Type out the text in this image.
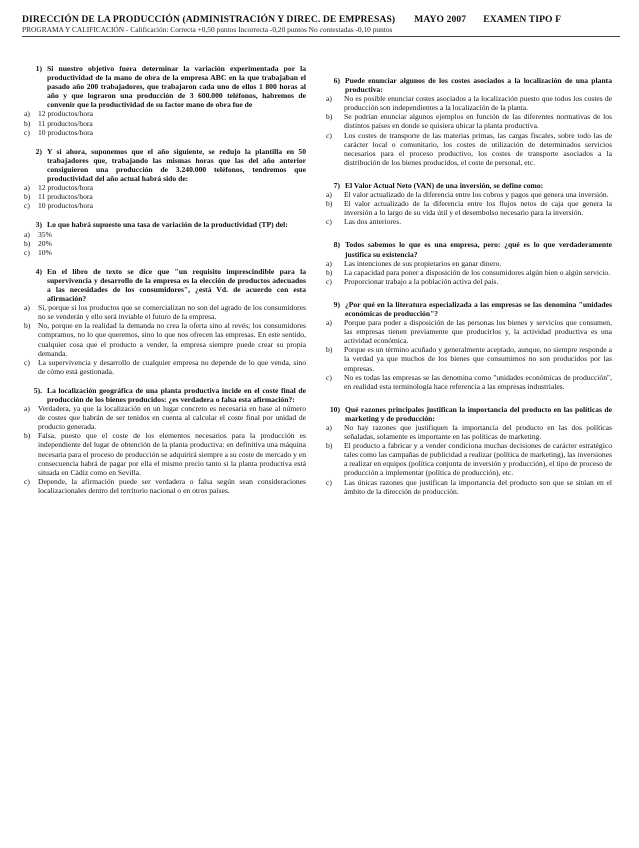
DIRECCIÓN DE LA PRODUCCIÓN (ADMINISTRACIÓN Y DIREC. DE EMPRESAS) MAYO 2007 EXAMEN TIPO F
PROGRAMA Y CALIFICACIÓN - Calificación: Correcta +0,50 puntos Incorrecta -0,20 puntos No contestadas -0,10 puntos
1) Si nuestro objetivo fuera determinar la variación experimentada por la productividad de la mano de obra de la empresa ABC en la que trabajaban el pasado año 200 trabajadores, que trabajaron cada uno de ellos 1 800 horas al año y que lograron una producción de 3 600.000 teléfonos, habremos de convenir que la productividad de su factor mano de obra fue de
a)	12 productos/hora
b)	11 productos/hora
c)	10 productos/hora
2) Y si ahora, suponemos que el año siguiente, se redujo la plantilla en 50 trabajadores que, trabajando las mismas horas que las del año anterior consiguieron una producción de 3.240.000 teléfonos, tendremos que productividad del año actual habrá sido de:
a)	12 productos/hora
b)	11 productos/hora
c)	10 productos/hora
3) Lo que habrá supuesto una tasa de variación de la productividad (TP) del:
a)	35%
b)	20%
c)	10%
4) En el libro de texto se dice que "un requisito imprescindible para la supervivencia y desarrollo de la empresa es la elección de productos adecuados a las necesidades de los consumidores", ¿está Vd. de acuerdo con esta afirmación?
a)	Sí, porque si los productos que se comercializan no son del agrado de los consumidores no se venderán y ello será inviable el futuro de la empresa.
b)	No, porque en la realidad la demanda no crea la oferta sino al revés; los consumidores compramos, no lo que queremos, sino lo que nos ofrecen las empresas. En este sentido, cualquier cosa que el producto a vender, la empresa siempre puede crear su propia demanda.
c)	La supervivencia y desarrollo de cualquier empresa no depende de lo que venda, sino de cómo está gestionada.
5). La localización geográfica de una planta productiva incide en el coste final de producción de los bienes producidos: ¿es verdadera o falsa esta afirmación?:
a)	Verdadera, ya que la localización en un lugar concreto es necesaria en base al número de costes que habrán de ser tenidos en cuenta al calcular el coste final por unidad de producto generada.
b)	Falsa, puesto que el coste de los elementos necesarios para la producción es independiente del lugar de obtención de la planta productiva: en definitiva una máquina necesaria para el proceso de producción se adquirirá siempre a su coste de mercado y en consecuencia habrá de pagar por ella el mismo precio tanto si la planta productiva está situada en Cádiz como en Sevilla.
c)	Depende, la afirmación puede ser verdadera o falsa según sean consideraciones localizacionales dentro del territorio nacional o en otros países.
6) Puede enunciar algunos de los costes asociados a la localización de una planta productiva:
a)	No es posible enunciar costes asociados a la localización puesto que todos los costes de producción son independientes a la localización de la planta.
b)	Se podrían enunciar algunos ejemplos en función de las diferentes normativas de los distintos países en donde se quisiera ubicar la planta productiva.
c)	Los costes de transporte de las materias primas, las cargas fiscales, sobre todo las de carácter local o comunitario, los costes de utilización de determinados servicios necesarios para el proceso productivo, los costes de transporte asociados a la distribución de los bienes producidos, el coste de personal, etc.
7) El Valor Actual Neto (VAN) de una inversión, se define como:
a)	El valor actualizado de la diferencia entre los cobros y pagos que genera una inversión.
b)	El valor actualizado de la diferencia entre los flujos netos de caja que genera la inversión a lo largo de su vida útil y el desembolso necesario para la inversión.
c)	Las dos anteriores.
8) Todos sabemos lo que es una empresa, pero: ¿qué es lo que verdaderamente justifica su existencia?
a)	Las intenciones de sus propietarios en ganar dinero.
b)	La capacidad para poner a disposición de los consumidores algún bien o algún servicio.
c)	Proporcionar trabajo a la población activa del país.
9) ¿Por qué en la literatura especializada a las empresas se las denomina "unidades económicas de producción"?
a)	Porque para poder a disposición de las personas los bienes y servicios que consumen, las empresas tienen previamente que producirlos y, la actividad productiva es una actividad económica.
b)	Porque es un término acuñado y generalmente aceptado, aunque, no siempre responde a la verdad ya que muchos de los bienes que consumimos no son producidos por las empresas.
c)	No es todas las empresas se las denomina como "unidades económicas de producción", en realidad esta terminología hace referencia a las empresas industriales.
10) Qué razones principales justifican la importancia del producto en las políticas de marketing y de producción:
a)	No hay razones que justifiquen la importancia del producto en las dos políticas señaladas, solamente es importante en las políticas de marketing.
b)	El producto a fabricar y a vender condiciona muchas decisiones de carácter estratégico tales como las campañas de publicidad a realizar (política de marketing), las inversiones a realizar en equipos (política conjunta de inversión y producción), el tipo de proceso de producción a implementar (política de producción), etc.
c)	Las únicas razones que justifican la importancia del producto son que se sitúan en el ámbito de la dirección de producción.
